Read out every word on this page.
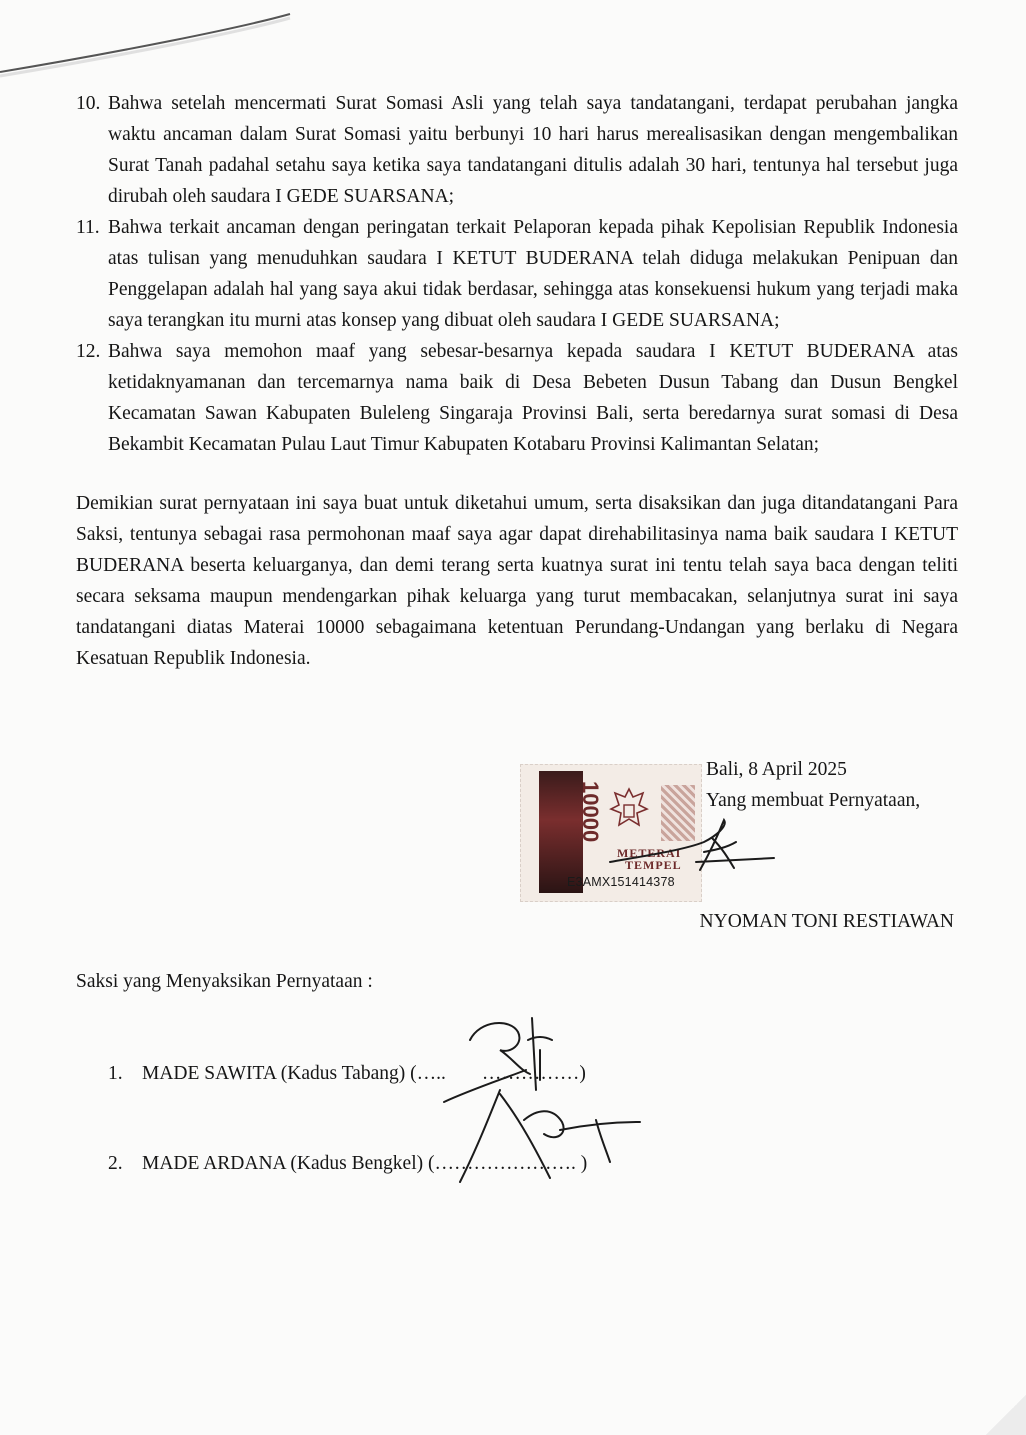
10. Bahwa setelah mencermati Surat Somasi Asli yang telah saya tandatangani, terdapat perubahan jangka waktu ancaman dalam Surat Somasi yaitu berbunyi 10 hari harus merealisasikan dengan mengembalikan Surat Tanah padahal setahu saya ketika saya tandatangani ditulis adalah 30 hari, tentunya hal tersebut juga dirubah oleh saudara I GEDE SUARSANA;
11. Bahwa terkait ancaman dengan peringatan terkait Pelaporan kepada pihak Kepolisian Republik Indonesia atas tulisan yang menuduhkan saudara I KETUT BUDERANA telah diduga melakukan Penipuan dan Penggelapan adalah hal yang saya akui tidak berdasar, sehingga atas konsekuensi hukum yang terjadi maka saya terangkan itu murni atas konsep yang dibuat oleh saudara I GEDE SUARSANA;
12. Bahwa saya memohon maaf yang sebesar-besarnya kepada saudara I KETUT BUDERANA atas ketidaknyamanan dan tercemarnya nama baik di Desa Bebeten Dusun Tabang dan Dusun Bengkel Kecamatan Sawan Kabupaten Buleleng Singaraja Provinsi Bali, serta beredarnya surat somasi di Desa Bekambit Kecamatan Pulau Laut Timur Kabupaten Kotabaru Provinsi Kalimantan Selatan;
Demikian surat pernyataan ini saya buat untuk diketahui umum, serta disaksikan dan juga ditandatangani Para Saksi, tentunya sebagai rasa permohonan maaf saya agar dapat direhabilitasinya nama baik saudara I KETUT BUDERANA beserta keluarganya, dan demi terang serta kuatnya surat ini tentu telah saya baca dengan teliti secara seksama maupun mendengarkan pihak keluarga yang turut membacakan, selanjutnya surat ini saya tandatangani diatas Materai 10000 sebagaimana ketentuan Perundang-Undangan yang berlaku di Negara Kesatuan Republik Indonesia.
10000
METERAI
TEMPEL
E3AMX151414378
Bali, 8 April 2025
Yang membuat Pernyataan,
NYOMAN TONI RESTIAWAN
Saksi yang Menyaksikan Pernyataan :
1. MADE SAWITA (Kadus Tabang) (….. ……………)
2. MADE ARDANA (Kadus Bengkel) (…………………. )
